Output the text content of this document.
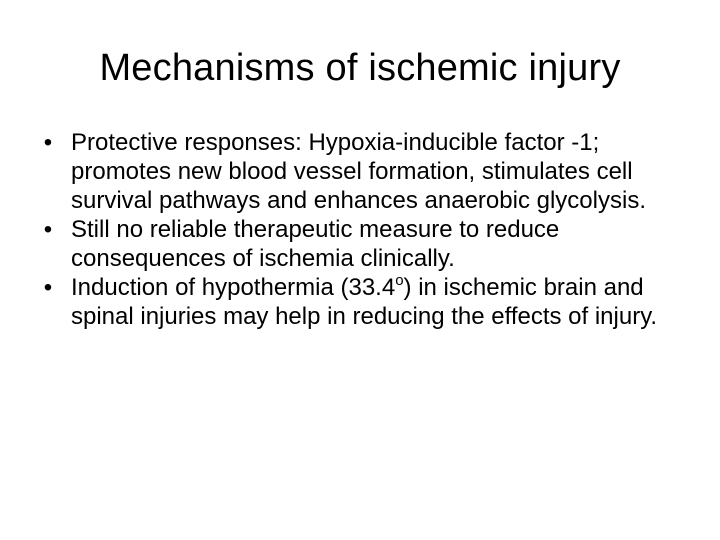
Mechanisms of ischemic injury
• Protective responses: Hypoxia-inducible factor -1; promotes new blood vessel formation, stimulates cell survival pathways and enhances anaerobic glycolysis.
• Still no reliable therapeutic measure to reduce consequences of ischemia clinically.
• Induction of hypothermia (33.4$^o$) in ischemic brain and spinal injuries may help in reducing the effects of injury.
